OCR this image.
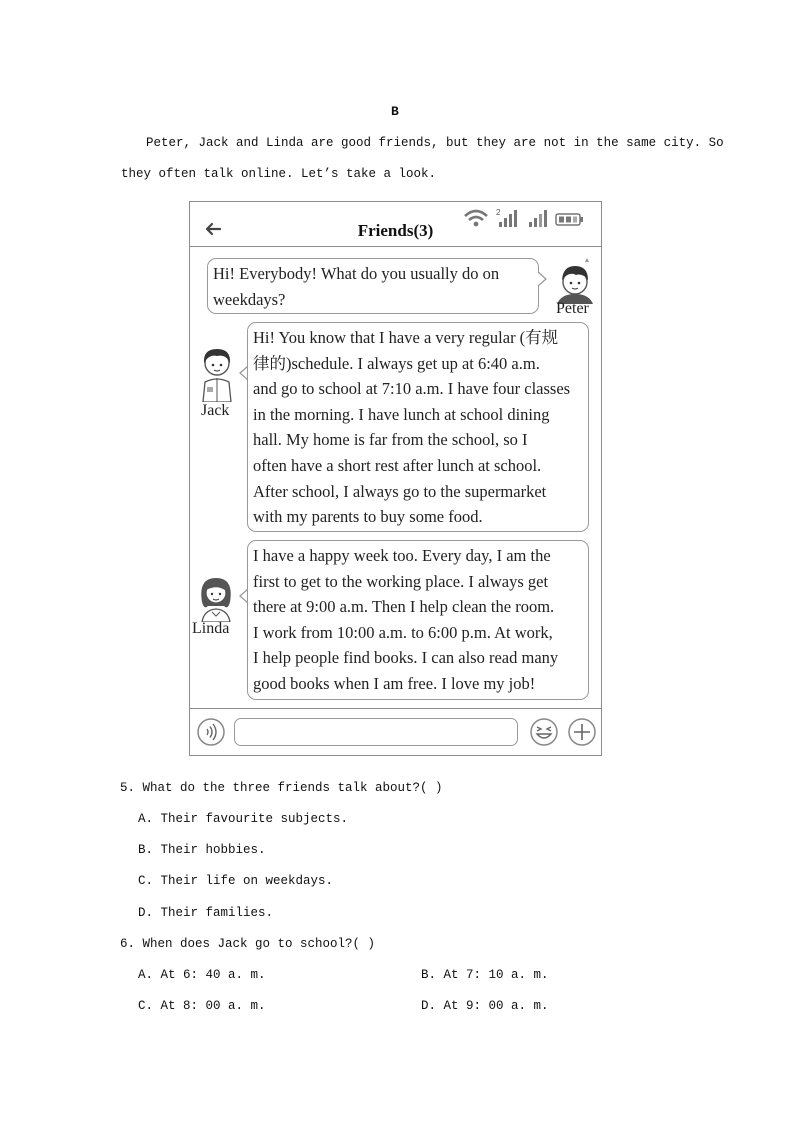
B
Peter, Jack and Linda are good friends, but they are not in the same city. So
they often talk online. Let’s take a look.
Friends(3)
2

Hi! Everybody! What do you usually do on

weekdays?	Peter
Jack

Hi! You know that I have a very regular (有规

律的)schedule. I always get up at 6:40 a.m.

and go to school at 7:10 a.m. I have four classes

in the morning. I have lunch at school dining

hall. My home is far from the school, so I

often have a short rest after lunch at school.

After school, I always go to the supermarket

with my parents to buy some food.

Linda

I have a happy week too. Every day, I am the

first to get to the working place. I always get

there at 9:00 a.m. Then I help clean the room.

I work from 10:00 a.m. to 6:00 p.m. At work,

I help people find books. I can also read many

good books when I am free. I love my job!

5. What do the three friends talk about?( )
A. Their favourite subjects.
B. Their hobbies.
C. Their life on weekdays.
D. Their families.
6. When does Jack go to school?( )
A. At 6: 40 a. m.	B. At 7: 10 a. m.
C. At 8: 00 a. m.	D. At 9: 00 a. m.
